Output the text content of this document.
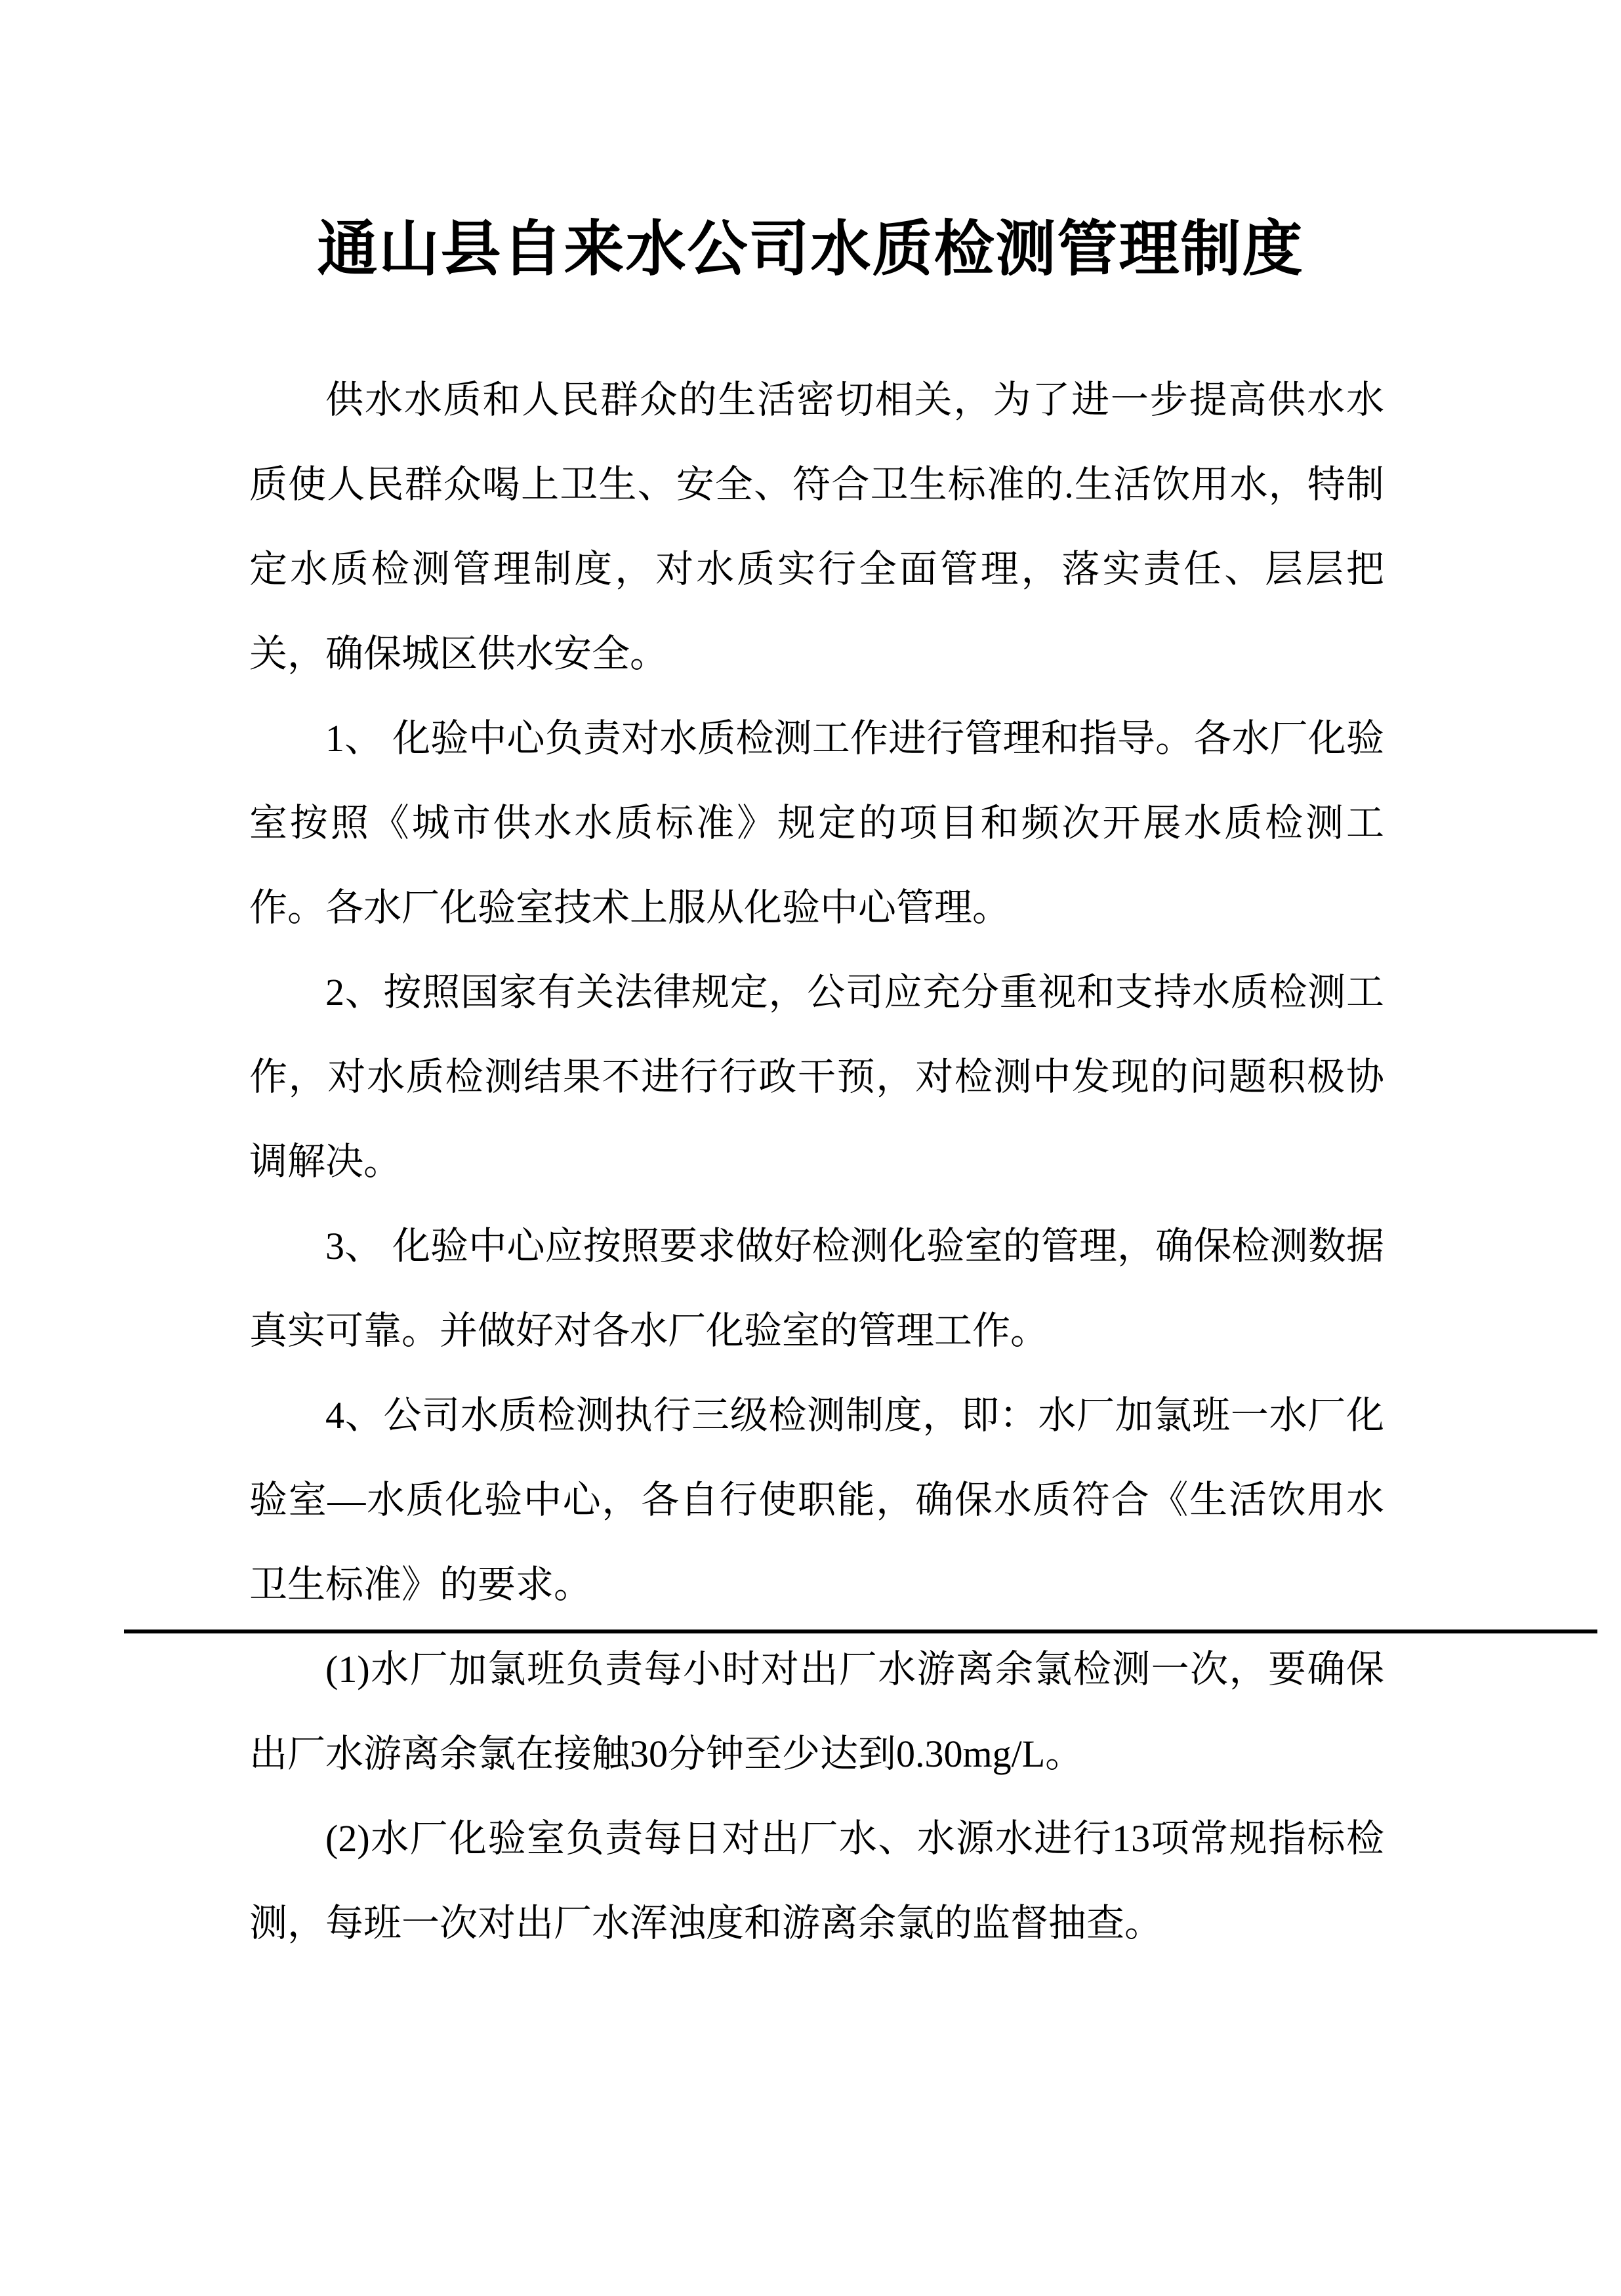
通山县自来水公司水质检测管理制度

供水水质和人民群众的生活密切相关，为了进一步提高供水水质使人民群众喝上卫生、安全、符合卫生标准的.生活饮用水，特制定水质检测管理制度，对水质实行全面管理，落实责任、层层把关，确保城区供水安全。

1、 化验中心负责对水质检测工作进行管理和指导。各水厂化验室按照《城市供水水质标准》规定的项目和频次开展水质检测工作。各水厂化验室技术上服从化验中心管理。

2、按照国家有关法律规定，公司应充分重视和支持水质检测工作，对水质检测结果不进行行政干预，对检测中发现的问题积极协调解决。

3、 化验中心应按照要求做好检测化验室的管理，确保检测数据真实可靠。并做好对各水厂化验室的管理工作。

4、公司水质检测执行三级检测制度，即：水厂加氯班一水厂化验室—水质化验中心，各自行使职能，确保水质符合《生活饮用水卫生标准》的要求。

(1)水厂加氯班负责每小时对出厂水游离余氯检测一次，要确保出厂水游离余氯在接触30分钟至少达到0.30mg/L。

(2)水厂化验室负责每日对出厂水、水源水进行13项常规指标检测，每班一次对出厂水浑浊度和游离余氯的监督抽查。
